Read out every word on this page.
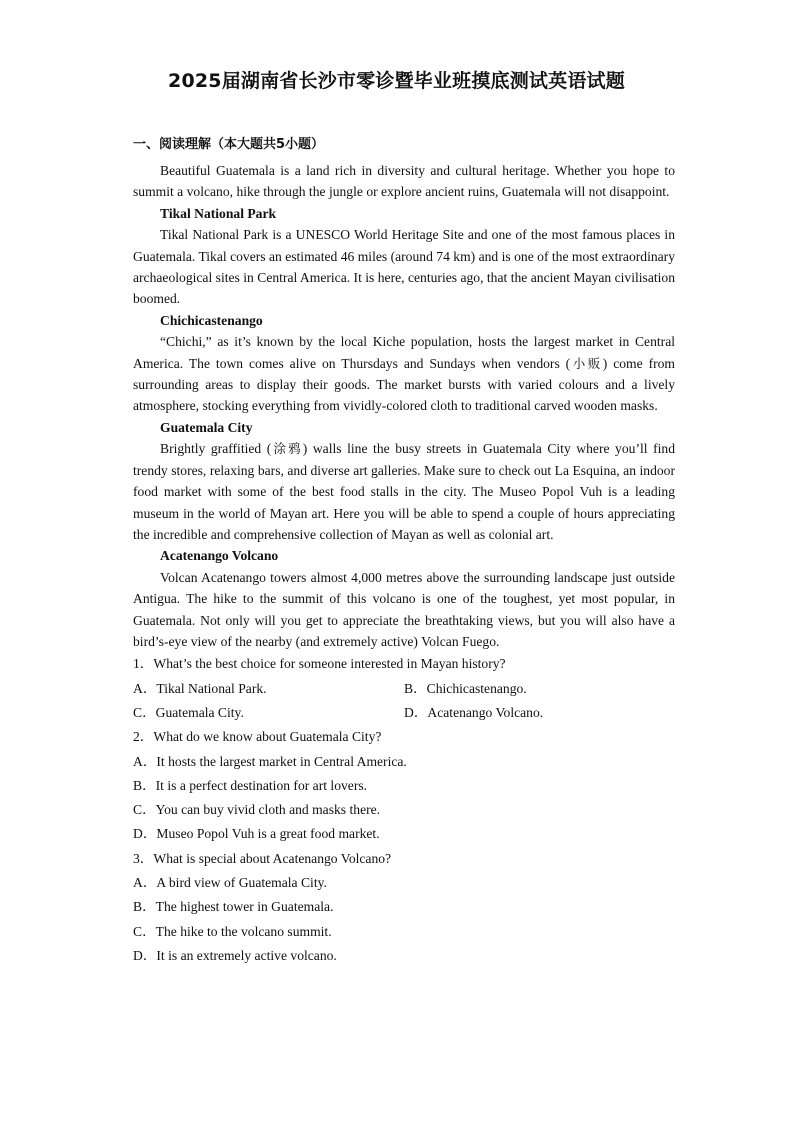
2025届湖南省长沙市零诊暨毕业班摸底测试英语试题
一、阅读理解（本大题共5小题）

Beautiful Guatemala is a land rich in diversity and cultural heritage. Whether you hope to summit a volcano, hike through the jungle or explore ancient ruins, Guatemala will not disappoint.

Tikal National Park

Tikal National Park is a UNESCO World Heritage Site and one of the most famous places in Guatemala. Tikal covers an estimated 46 miles (around 74 km) and is one of the most extraordinary archaeological sites in Central America. It is here, centuries ago, that the ancient Mayan civilisation boomed.

Chichicastenango

“Chichi,” as it’s known by the local Kiche population, hosts the largest market in Central America. The town comes alive on Thursdays and Sundays when vendors (小贩) come from surrounding areas to display their goods. The market bursts with varied colours and a lively atmosphere, stocking everything from vividly-colored cloth to traditional carved wooden masks.

Guatemala City

Brightly graffitied (涂鸦) walls line the busy streets in Guatemala City where you’ll find trendy stores, relaxing bars, and diverse art galleries. Make sure to check out La Esquina, an indoor food market with some of the best food stalls in the city. The Museo Popol Vuh is a leading museum in the world of Mayan art. Here you will be able to spend a couple of hours appreciating the incredible and comprehensive collection of Mayan as well as colonial art.

Acatenango Volcano

Volcan Acatenango towers almost 4,000 metres above the surrounding landscape just outside Antigua. The hike to the summit of this volcano is one of the toughest, yet most popular, in Guatemala. Not only will you get to appreciate the breathtaking views, but you will also have a bird’s-eye view of the nearby (and extremely active) Volcan Fuego.

1．What’s the best choice for someone interested in Mayan history?
A．Tikal National Park.	B．Chichicastenango.
C．Guatemala City.	D．Acatenango Volcano.
2．What do we know about Guatemala City?
A．It hosts the largest market in Central America.
B．It is a perfect destination for art lovers.
C．You can buy vivid cloth and masks there.
D．Museo Popol Vuh is a great food market.
3．What is special about Acatenango Volcano?
A．A bird view of Guatemala City.
B．The highest tower in Guatemala.
C．The hike to the volcano summit.
D．It is an extremely active volcano.
